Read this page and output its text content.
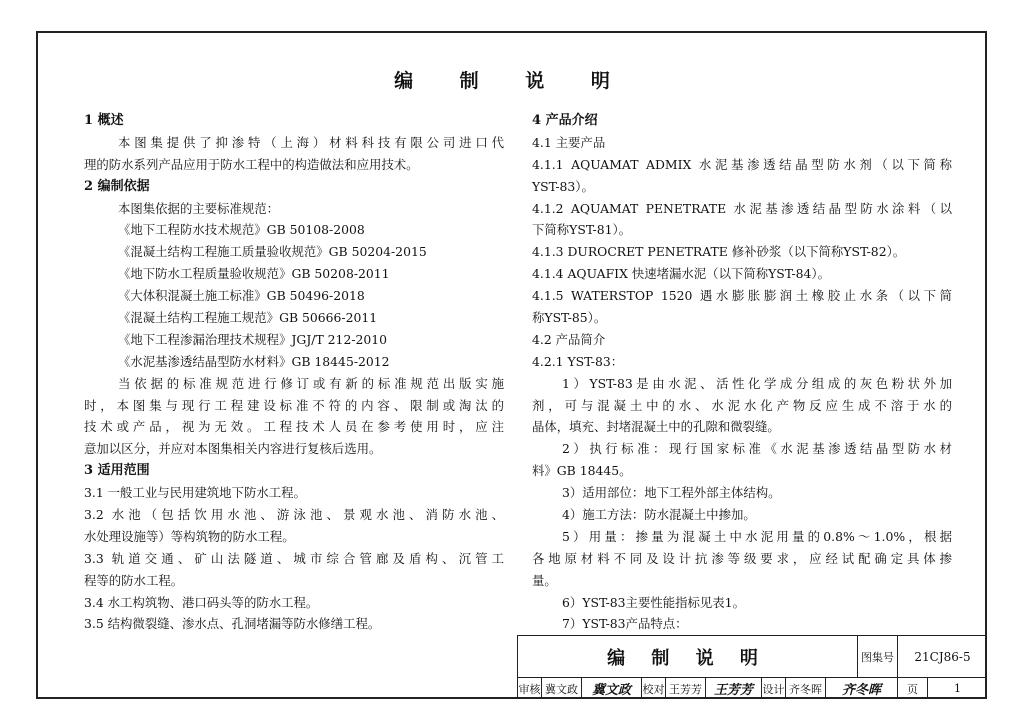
编 制 说 明
1 概述
本图集提供了抑渗特（上海）材料科技有限公司进口代
理的防水系列产品应用于防水工程中的构造做法和应用技术。
2 编制依据
本图集依据的主要标准规范：
《地下工程防水技术规范》GB 50108-2008
《混凝土结构工程施工质量验收规范》GB 50204-2015
《地下防水工程质量验收规范》GB 50208-2011
《大体积混凝土施工标准》GB 50496-2018
《混凝土结构工程施工规范》GB 50666-2011
《地下工程渗漏治理技术规程》JGJ/T 212-2010
《水泥基渗透结晶型防水材料》GB 18445-2012
当依据的标准规范进行修订或有新的标准规范出版实施
时，本图集与现行工程建设标准不符的内容、限制或淘汰的
技术或产品，视为无效。工程技术人员在参考使用时，应注
意加以区分，并应对本图集相关内容进行复核后选用。
3 适用范围
3.1 一般工业与民用建筑地下防水工程。
3.2 水池（包括饮用水池、游泳池、景观水池、消防水池、
水处理设施等）等构筑物的防水工程。
3.3 轨道交通、矿山法隧道、城市综合管廊及盾构、沉管工
程等的防水工程。
3.4 水工构筑物、港口码头等的防水工程。
3.5 结构微裂缝、渗水点、孔洞堵漏等防水修缮工程。
4 产品介绍
4.1 主要产品
4.1.1 AQUAMAT ADMIX 水泥基渗透结晶型防水剂（以下简称
YST-83）。
4.1.2 AQUAMAT PENETRATE 水泥基渗透结晶型防水涂料（以
下简称YST-81）。
4.1.3 DUROCRET PENETRATE 修补砂浆（以下简称YST-82）。
4.1.4 AQUAFIX 快速堵漏水泥（以下简称YST-84）。
4.1.5 WATERSTOP 1520 遇水膨胀膨润土橡胶止水条（以下简
称YST-85）。
4.2 产品简介
4.2.1 YST-83：
1）YST-83是由水泥、活性化学成分组成的灰色粉状外加
剂，可与混凝土中的水、水泥水化产物反应生成不溶于水的
晶体，填充、封堵混凝土中的孔隙和微裂缝。
2）执行标准：现行国家标准《水泥基渗透结晶型防水材
料》GB 18445。
3）适用部位：地下工程外部主体结构。
4）施工方法：防水混凝土中掺加。
5）用量：掺量为混凝土中水泥用量的0.8%～1.0%，根据
各地原材料不同及设计抗渗等级要求，应经试配确定具体掺
量。
6）YST-83主要性能指标见表1。
7）YST-83产品特点：
编 制 说 明	图集号	21CJ86-5
审核 冀文政	冀文政	校对 王芳芳 王芳芳 设计 齐冬晖	齐冬晖	页	1
